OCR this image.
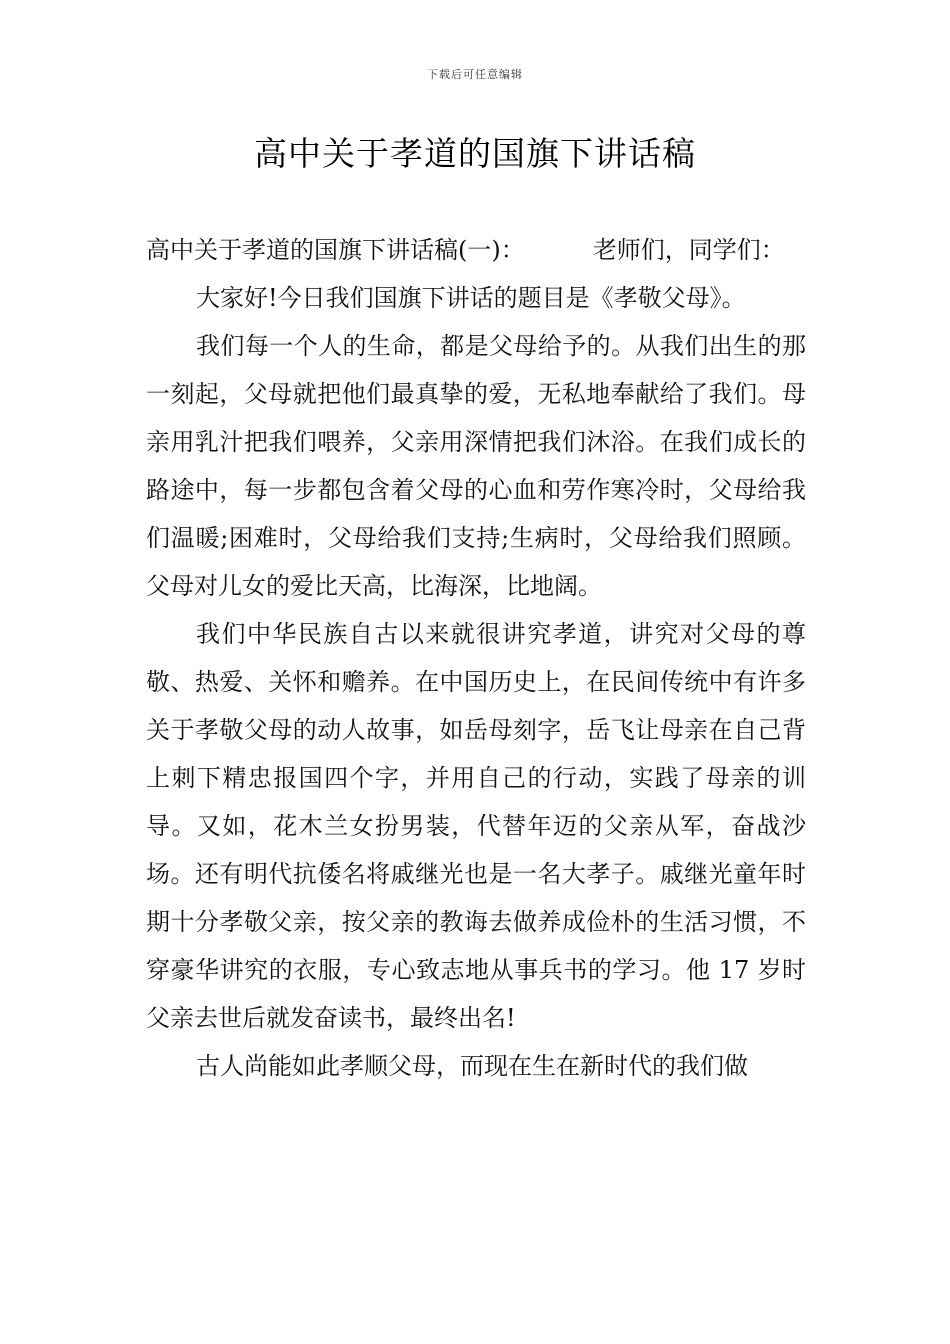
下载后可任意编辑
高中关于孝道的国旗下讲话稿

高中关于孝道的国旗下讲话稿(一)：	老师们，同学们：

大家好!今日我们国旗下讲话的题目是《孝敬父母》。

我们每一个人的生命，都是父母给予的。从我们出生的那一刻起，父母就把他们最真挚的爱，无私地奉献给了我们。母亲用乳汁把我们喂养，父亲用深情把我们沐浴。在我们成长的路途中，每一步都包含着父母的心血和劳作寒冷时，父母给我们温暖;困难时，父母给我们支持;生病时，父母给我们照顾。父母对儿女的爱比天高，比海深，比地阔。

我们中华民族自古以来就很讲究孝道，讲究对父母的尊敬、热爱、关怀和赡养。在中国历史上，在民间传统中有许多关于孝敬父母的动人故事，如岳母刻字，岳飞让母亲在自己背上刺下精忠报国四个字，并用自己的行动，实践了母亲的训导。又如，花木兰女扮男装，代替年迈的父亲从军，奋战沙场。还有明代抗倭名将戚继光也是一名大孝子。戚继光童年时期十分孝敬父亲，按父亲的教诲去做养成俭朴的生活习惯，不穿豪华讲究的衣服，专心致志地从事兵书的学习。他 17 岁时父亲去世后就发奋读书，最终出名!

古人尚能如此孝顺父母，而现在生在新时代的我们做
